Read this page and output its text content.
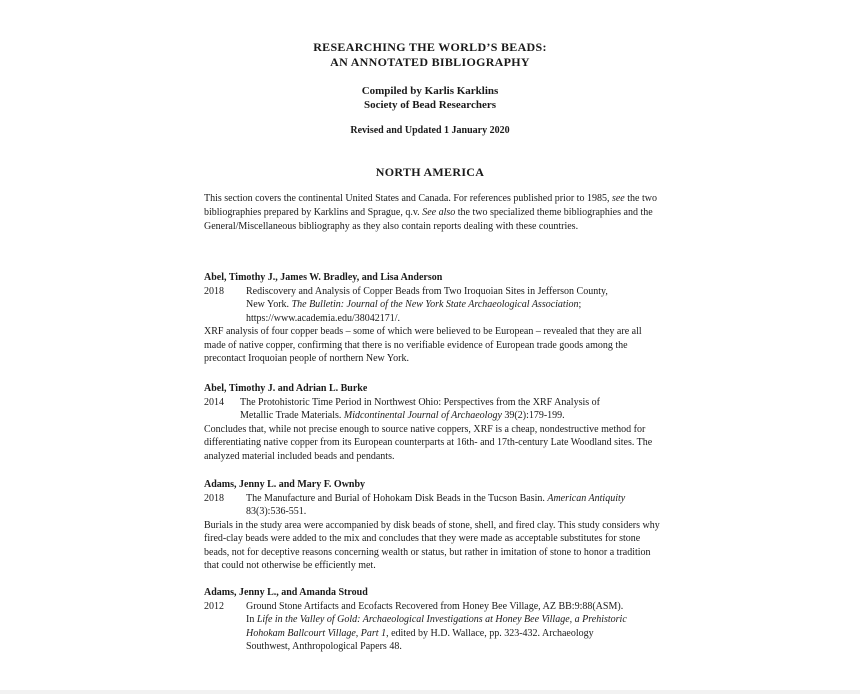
RESEARCHING THE WORLD’S BEADS:
AN ANNOTATED BIBLIOGRAPHY
Compiled by Karlis Karklins
Society of Bead Researchers
Revised and Updated 1 January 2020
NORTH AMERICA
This section covers the continental United States and Canada. For references published prior to 1985, see the two bibliographies prepared by Karklins and Sprague, q.v. See also the two specialized theme bibliographies and the General/Miscellaneous bibliography as they also contain reports dealing with these countries.
Abel, Timothy J., James W. Bradley, and Lisa Anderson
2018	Rediscovery and Analysis of Copper Beads from Two Iroquoian Sites in Jefferson County,
New York. The Bulletin: Journal of the New York State Archaeological Association;
https://www.academia.edu/38042171/.
XRF analysis of four copper beads – some of which were believed to be European – revealed that they are all made of native copper, confirming that there is no verifiable evidence of European trade goods among the precontact Iroquoian people of northern New York.
Abel, Timothy J. and Adrian L. Burke
2014	The Protohistoric Time Period in Northwest Ohio: Perspectives from the XRF Analysis of
Metallic Trade Materials. Midcontinental Journal of Archaeology 39(2):179-199.
Concludes that, while not precise enough to source native coppers, XRF is a cheap, nondestructive method for differentiating native copper from its European counterparts at 16th- and 17th-century Late Woodland sites. The analyzed material included beads and pendants.
Adams, Jenny L. and Mary F. Ownby
2018	The Manufacture and Burial of Hohokam Disk Beads in the Tucson Basin. American Antiquity
83(3):536-551.
Burials in the study area were accompanied by disk beads of stone, shell, and fired clay. This study considers why fired-clay beads were added to the mix and concludes that they were made as acceptable substitutes for stone beads, not for deceptive reasons concerning wealth or status, but rather in imitation of stone to honor a tradition that could not otherwise be efficiently met.
Adams, Jenny L., and Amanda Stroud
2012	Ground Stone Artifacts and Ecofacts Recovered from Honey Bee Village, AZ BB:9:88(ASM).
In Life in the Valley of Gold: Archaeological Investigations at Honey Bee Village, a Prehistoric
Hohokam Ballcourt Village, Part 1, edited by H.D. Wallace, pp. 323-432. Archaeology
Southwest, Anthropological Papers 48.
